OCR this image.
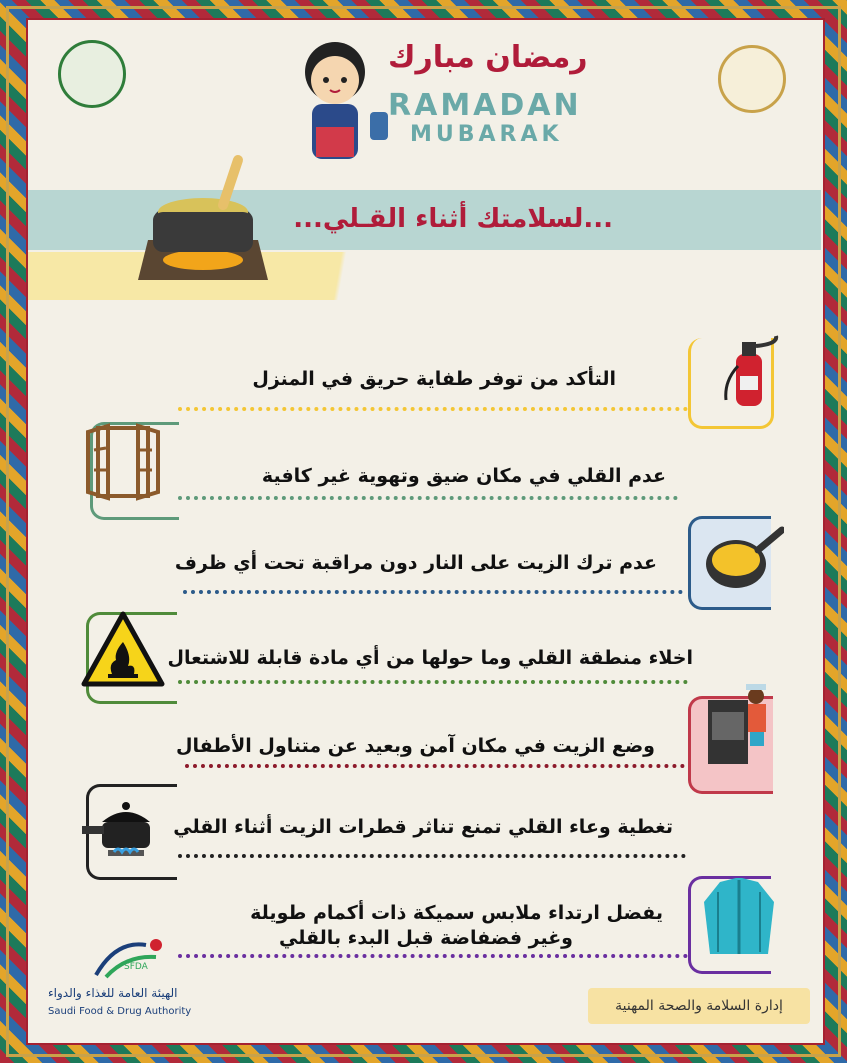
رمضان مبارك
RAMADAN
MUBARAK
...لسلامتك أثناء القـلي...
التأكد من توفر طفاية حريق في المنزل
عدم القلي في مكان ضيق وتهوية غير كافية
عدم ترك الزيت على النار دون مراقبة تحت أي ظرف
اخلاء منطقة القلي وما حولها من أي مادة قابلة للاشتعال
وضع الزيت في مكان آمن وبعيد عن متناول الأطفال
تغطية وعاء القلي تمنع تناثر قطرات الزيت أثناء القلي
يفضل ارتداء ملابس سميكة ذات أكمام طويلة
وغير فضفاضة قبل البدء بالقلي
SFDA
الهيئة العامة للغذاء والدواء
Saudi Food & Drug Authority	إدارة السلامة والصحة المهنية
